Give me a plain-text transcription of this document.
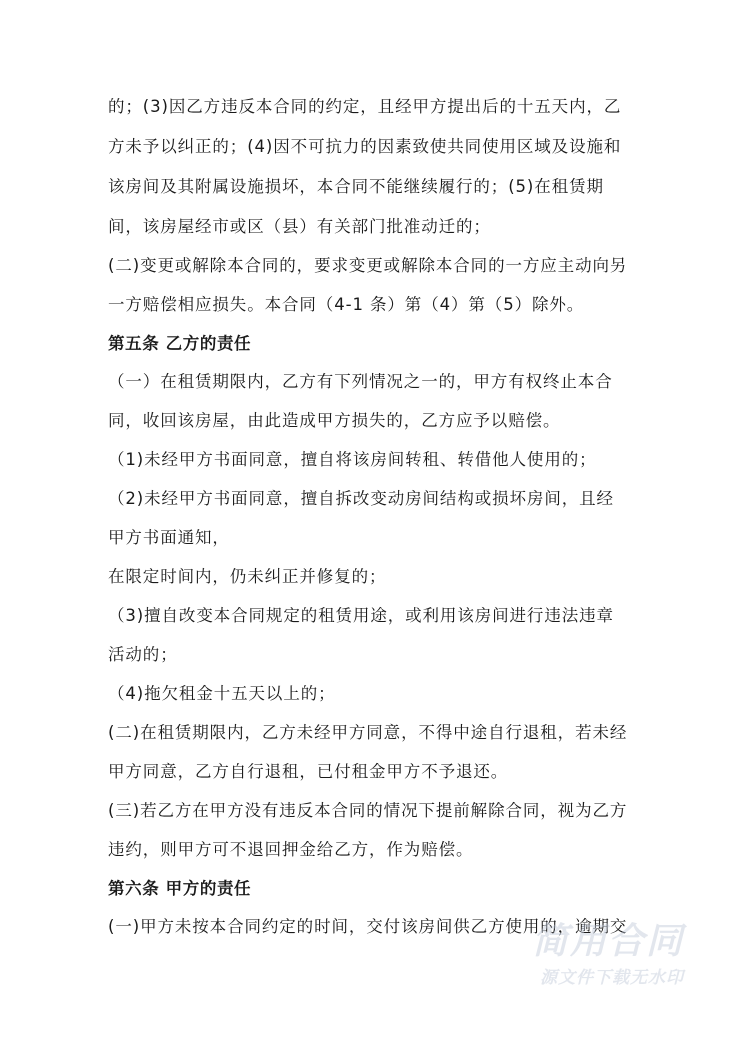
的；(3)因乙方违反本合同的约定，且经甲方提出后的十五天内，乙
方未予以纠正的；(4)因不可抗力的因素致使共同使用区域及设施和
该房间及其附属设施损坏，本合同不能继续履行的；(5)在租赁期
间，该房屋经市或区（县）有关部门批准动迁的；
(二)变更或解除本合同的，要求变更或解除本合同的一方应主动向另
一方赔偿相应损失。本合同（4-1 条）第（4）第（5）除外。
第五条 乙方的责任
（一）在租赁期限内，乙方有下列情况之一的，甲方有权终止本合
同，收回该房屋，由此造成甲方损失的，乙方应予以赔偿。
（1)未经甲方书面同意，擅自将该房间转租、转借他人使用的；
（2)未经甲方书面同意，擅自拆改变动房间结构或损坏房间，且经
甲方书面通知，
在限定时间内，仍未纠正并修复的；
（3)擅自改变本合同规定的租赁用途，或利用该房间进行违法违章
活动的；
（4)拖欠租金十五天以上的；
(二)在租赁期限内，乙方未经甲方同意，不得中途自行退租，若未经
甲方同意，乙方自行退租，已付租金甲方不予退还。
(三)若乙方在甲方没有违反本合同的情况下提前解除合同，视为乙方
违约，则甲方可不退回押金给乙方，作为赔偿。
第六条 甲方的责任
(一)甲方未按本合同约定的时间，交付该房间供乙方使用的，逾期交
简用合同
源文件下载无水印
